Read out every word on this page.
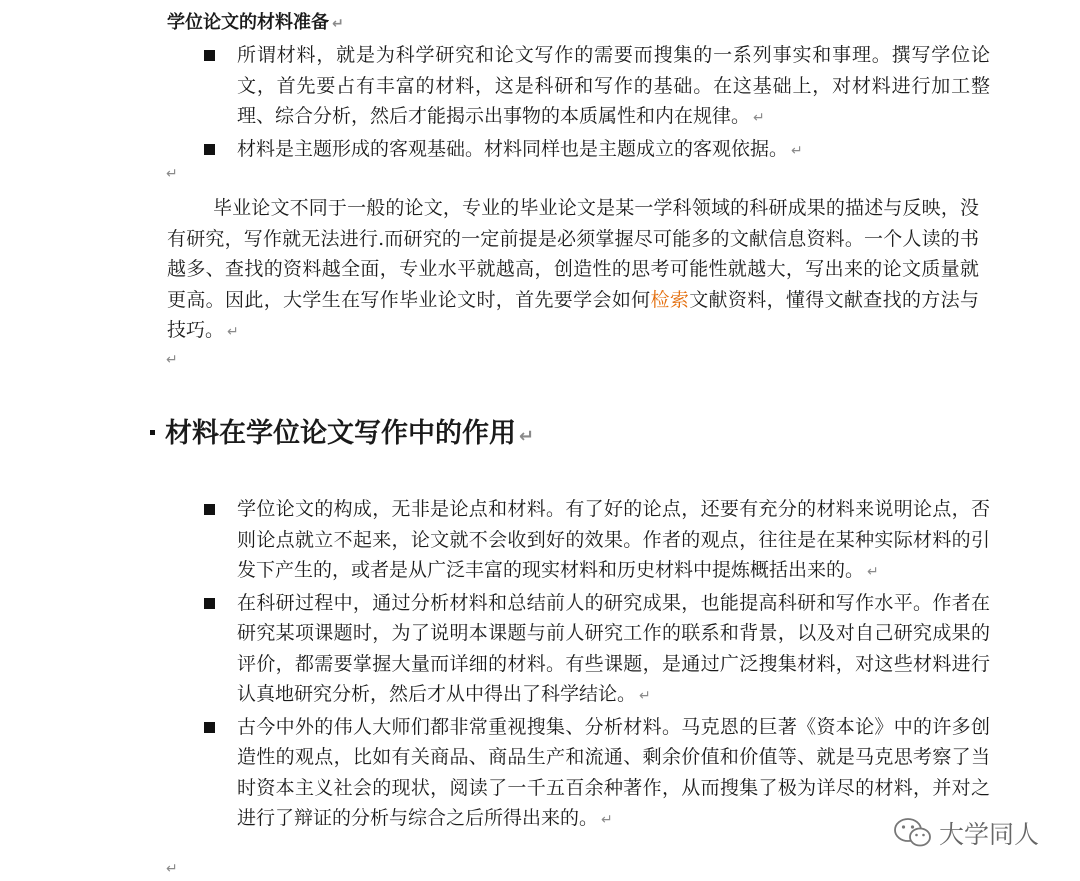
学位论文的材料准备 ↵
所谓材料，就是为科学研究和论文写作的需要而搜集的一系列事实和事理。撰写学位论文，首先要占有丰富的材料，这是科研和写作的基础。在这基础上，对材料进行加工整理、综合分析，然后才能揭示出事物的本质属性和内在规律。 ↵
材料是主题形成的客观基础。材料同样也是主题成立的客观依据。 ↵

↵

毕业论文不同于一般的论文，专业的毕业论文是某一学科领域的科研成果的描述与反映，没有研究，写作就无法进行.而研究的一定前提是必须掌握尽可能多的文献信息资料。一个人读的书越多、查找的资料越全面，专业水平就越高，创造性的思考可能性就越大，写出来的论文质量就更高。因此，大学生在写作毕业论文时，首先要学会如何检索文献资料，懂得文献查找的方法与技巧。 ↵

↵

材料在学位论文写作中的作用 ↵
学位论文的构成，无非是论点和材料。有了好的论点，还要有充分的材料来说明论点，否则论点就立不起来，论文就不会收到好的效果。作者的观点，往往是在某种实际材料的引发下产生的，或者是从广泛丰富的现实材料和历史材料中提炼概括出来的。 ↵
在科研过程中，通过分析材料和总结前人的研究成果，也能提高科研和写作水平。作者在研究某项课题时，为了说明本课题与前人研究工作的联系和背景，以及对自己研究成果的评价，都需要掌握大量而详细的材料。有些课题，是通过广泛搜集材料，对这些材料进行认真地研究分析，然后才从中得出了科学结论。 ↵
古今中外的伟人大师们都非常重视搜集、分析材料。马克恩的巨著《资本论》中的许多创造性的观点，比如有关商品、商品生产和流通、剩余价值和价值等、就是马克思考察了当时资本主义社会的现状，阅读了一千五百余种著作，从而搜集了极为详尽的材料，并对之进行了辩证的分析与综合之后所得出来的。 ↵

↵

大学同人
